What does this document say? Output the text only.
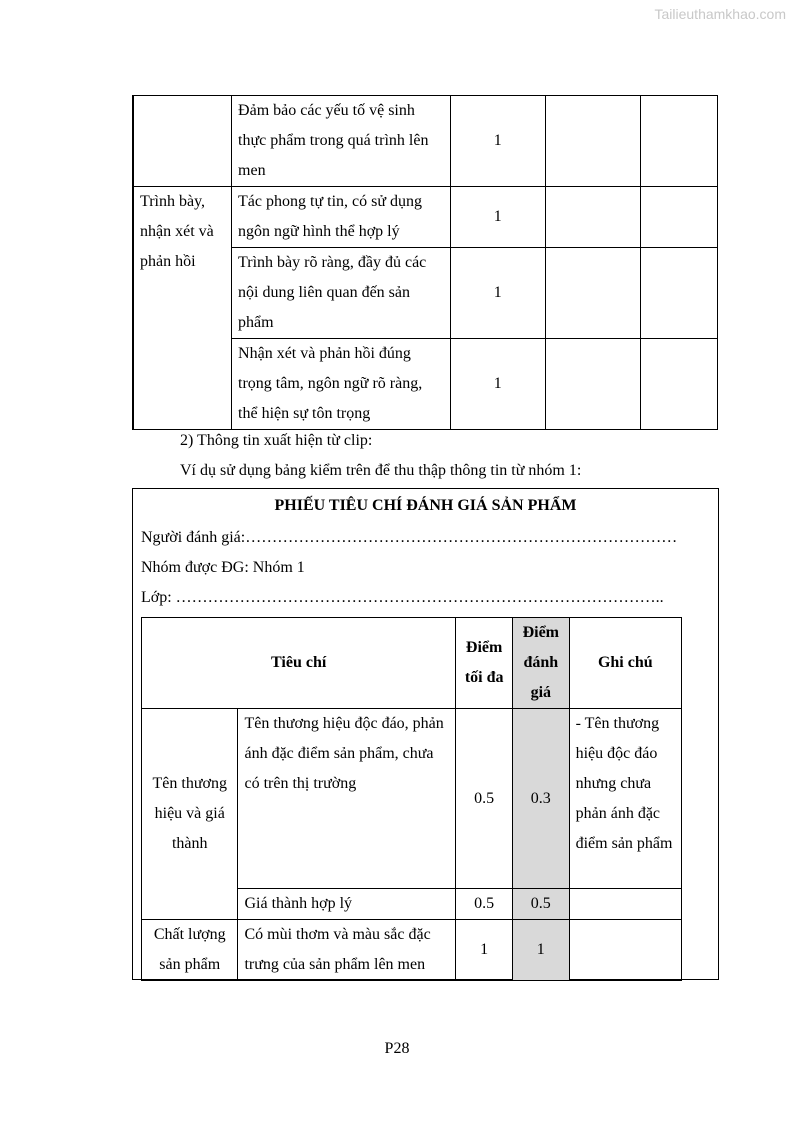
Tailieuthamkhao.com
	Đảm bảo các yếu tố vệ sinh thực phẩm trong quá trình lên men	1		
Trình bày, nhận xét và phản hồi	Tác phong tự tin, có sử dụng ngôn ngữ hình thể hợp lý	1		
	Trình bày rõ ràng, đầy đủ các nội dung liên quan đến sản phẩm	1		
	Nhận xét và phản hồi đúng trọng tâm, ngôn ngữ rõ ràng, thể hiện sự tôn trọng	1		
2) Thông tin xuất hiện từ clip:
Ví dụ sử dụng bảng kiểm trên để thu thập thông tin từ nhóm 1:
PHIẾU TIÊU CHÍ ĐÁNH GIÁ SẢN PHẨM
Người đánh giá:………………………………………………………………………
Nhóm được ĐG: Nhóm 1
Lớp: ………………………………………………………………………………..
Tiêu chí		Điểm tối đa	Điểm đánh giá	Ghi chú
Tên thương hiệu và giá thành	Tên thương hiệu độc đáo, phản ánh đặc điểm sản phẩm, chưa có trên thị trường	0.5	0.3	- Tên thương hiệu độc đáo nhưng chưa phản ánh đặc điểm sản phẩm
	Giá thành hợp lý	0.5	0.5	
Chất lượng sản phẩm	Có mùi thơm và màu sắc đặc trưng của sản phẩm lên men	1	1	
P28
